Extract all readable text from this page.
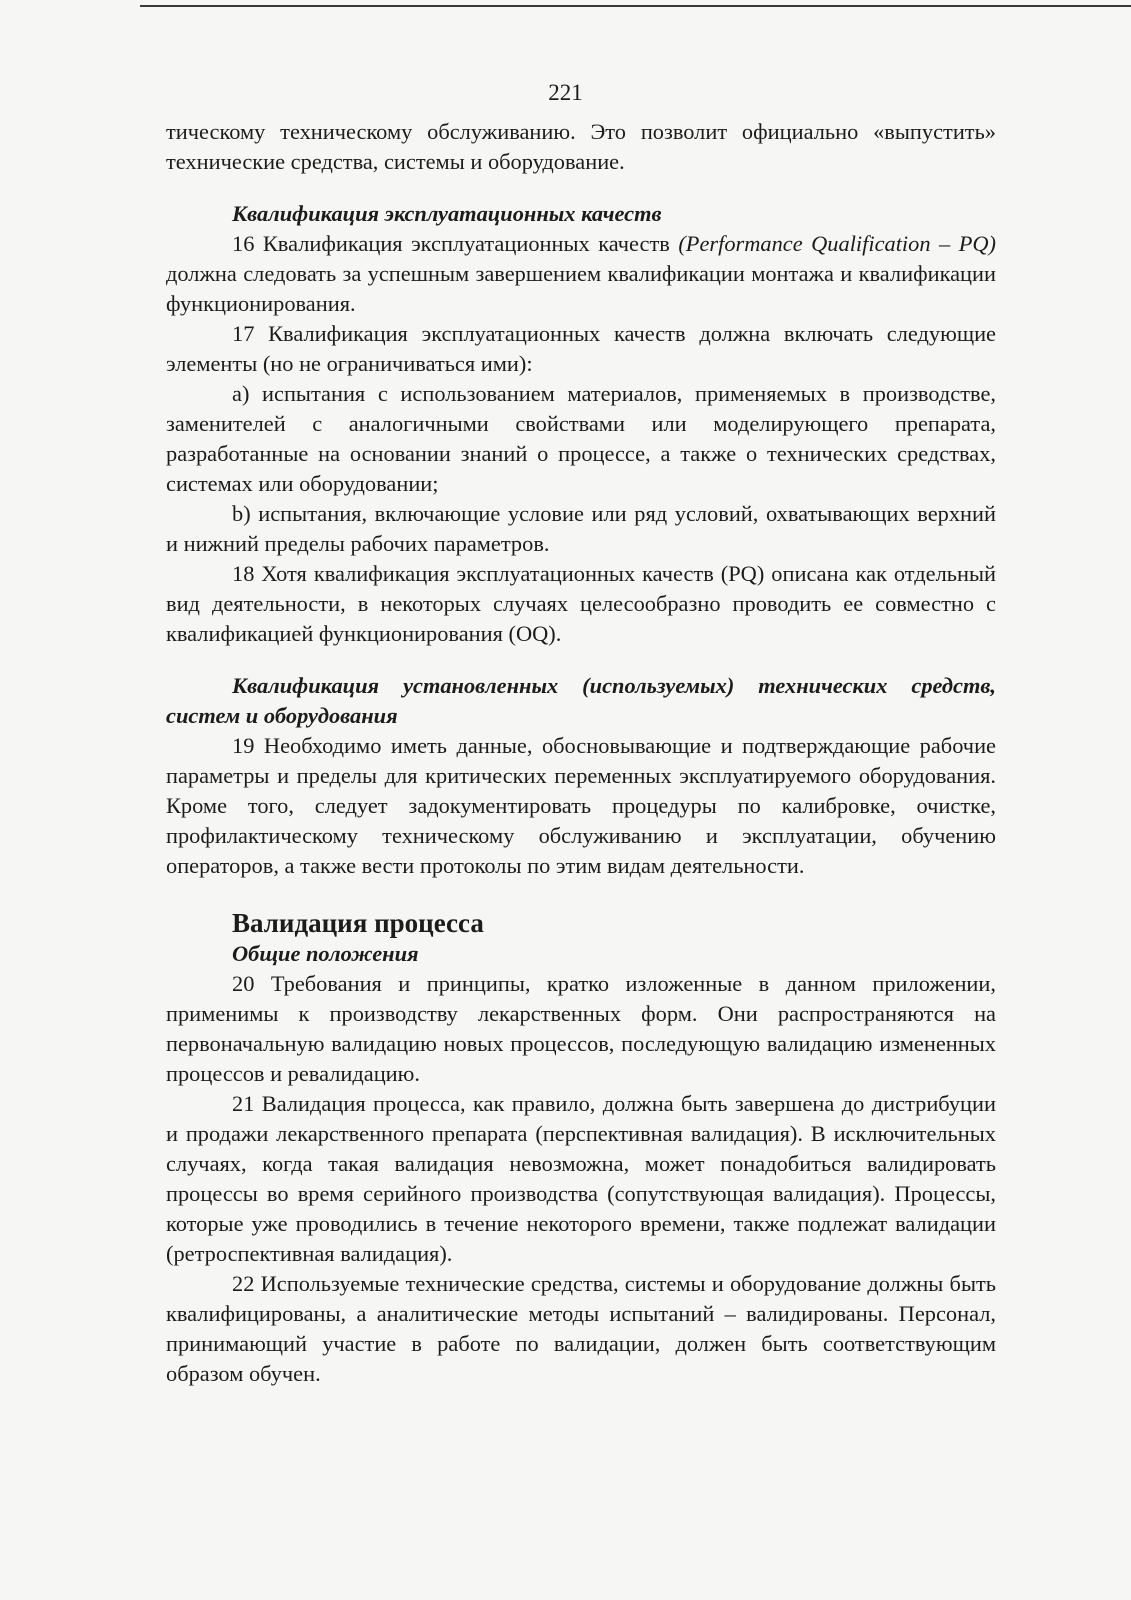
221

тическому техническому обслуживанию. Это позволит официально «выпустить» технические средства, системы и оборудование.

Квалификация эксплуатационных качеств

16 Квалификация эксплуатационных качеств (Performance Qualification – PQ) должна следовать за успешным завершением квалификации монтажа и квалификации функционирования.

17 Квалификация эксплуатационных качеств должна включать следующие элементы (но не ограничиваться ими):

a) испытания с использованием материалов, применяемых в производстве, заменителей с аналогичными свойствами или моделирующего препарата, разработанные на основании знаний о процессе, а также о технических средствах, системах или оборудовании;

b) испытания, включающие условие или ряд условий, охватывающих верхний и нижний пределы рабочих параметров.

18 Хотя квалификация эксплуатационных качеств (PQ) описана как отдельный вид деятельности, в некоторых случаях целесообразно проводить ее совместно с квалификацией функционирования (OQ).

Квалификация установленных (используемых) технических средств, систем и оборудования

19 Необходимо иметь данные, обосновывающие и подтверждающие рабочие параметры и пределы для критических переменных эксплуатируемого оборудования. Кроме того, следует задокументировать процедуры по калибровке, очистке, профилактическому техническому обслуживанию и эксплуатации, обучению операторов, а также вести протоколы по этим видам деятельности.

Валидация процесса

Общие положения

20 Требования и принципы, кратко изложенные в данном приложении, применимы к производству лекарственных форм. Они распространяются на первоначальную валидацию новых процессов, последующую валидацию измененных процессов и ревалидацию.

21 Валидация процесса, как правило, должна быть завершена до дистрибуции и продажи лекарственного препарата (перспективная валидация). В исключительных случаях, когда такая валидация невозможна, может понадобиться валидировать процессы во время серийного производства (сопутствующая валидация). Процессы, которые уже проводились в течение некоторого времени, также подлежат валидации (ретроспективная валидация).

22 Используемые технические средства, системы и оборудование должны быть квалифицированы, а аналитические методы испытаний – валидированы. Персонал, принимающий участие в работе по валидации, должен быть соответствующим образом обучен.
